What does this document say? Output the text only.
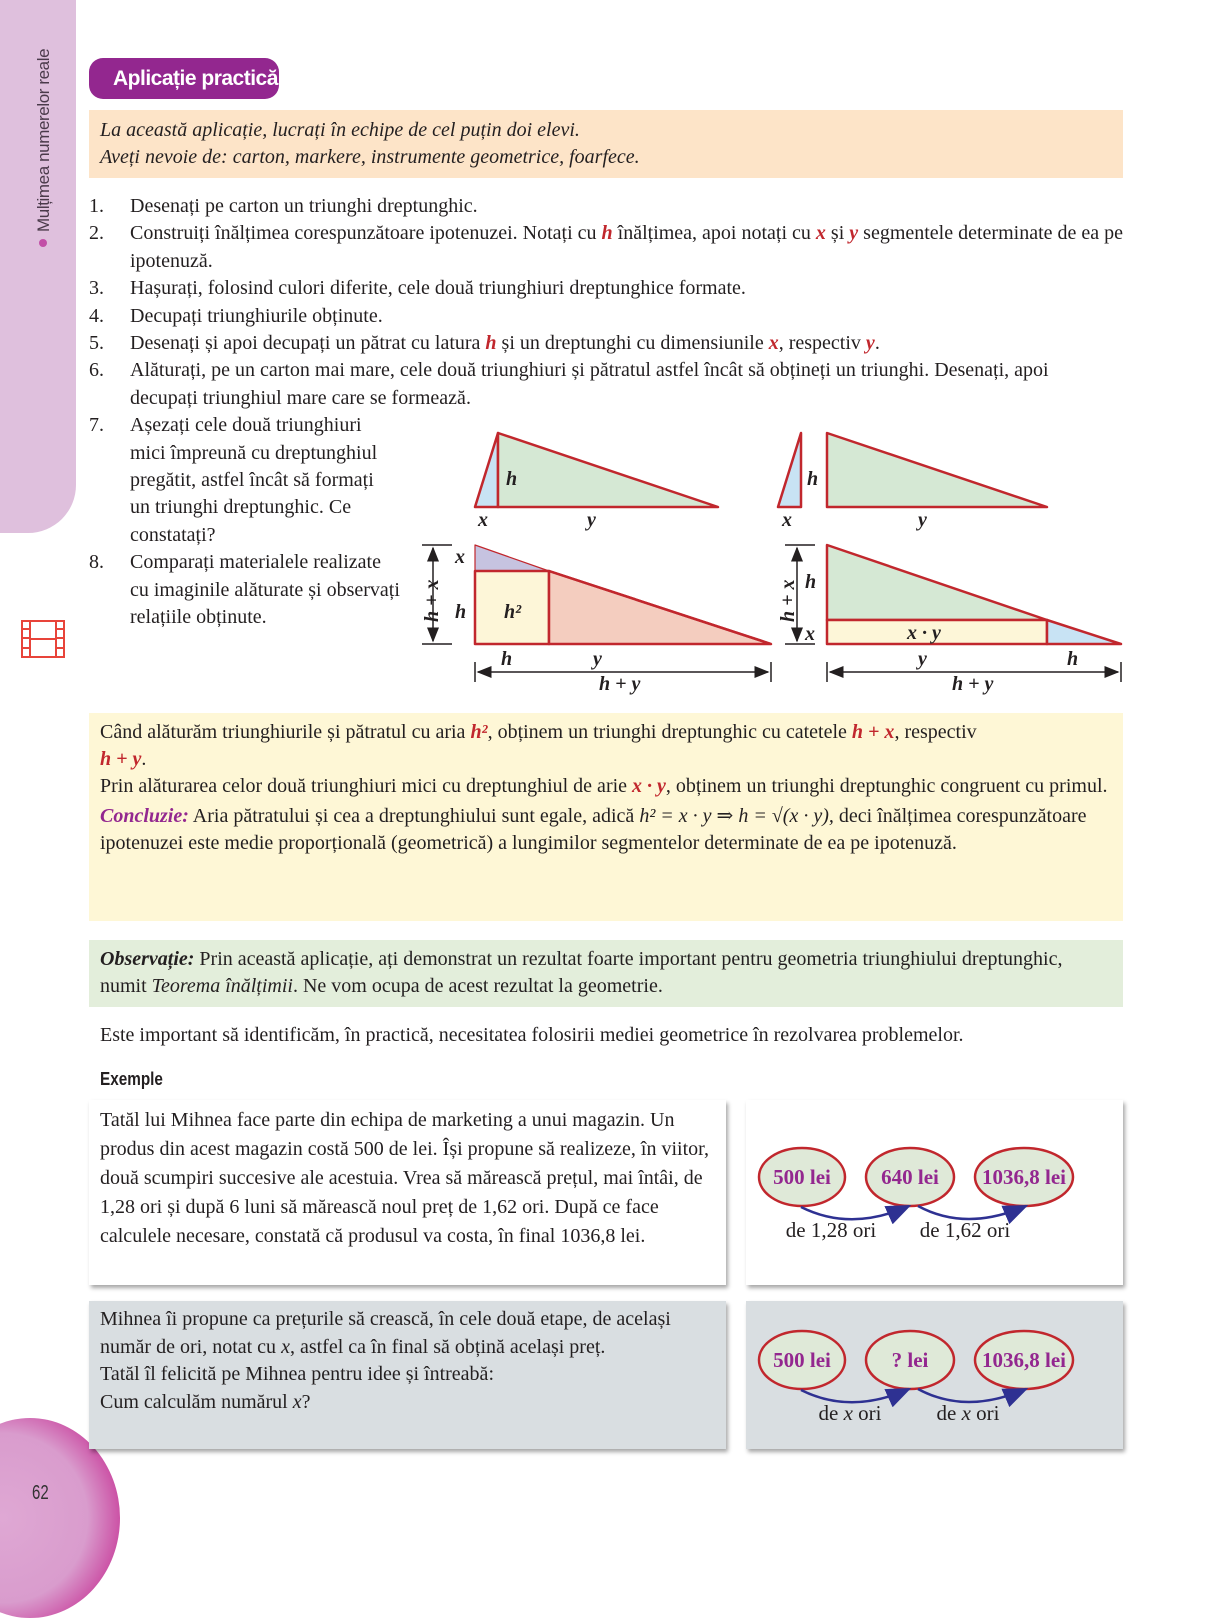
Mulțimea numerelor reale
62
Aplicație practică
La această aplicație, lucrați în echipe de cel puțin doi elevi.
Aveți nevoie de: carton, markere, instrumente geometrice, foarfece.
1.	Desenați pe carton un triunghi dreptunghic.
2.	Construiți înălțimea corespunzătoare ipotenuzei. Notați cu h înălțimea, apoi notați cu x și y segmentele determinate de ea pe ipotenuză.
3.	Hașurați, folosind culori diferite, cele două triunghiuri dreptunghice formate.
4.	Decupați triunghiurile obținute.
5.	Desenați și apoi decupați un pătrat cu latura h și un dreptunghi cu dimensiunile x, respectiv y.
6.	Alăturați, pe un carton mai mare, cele două triunghiuri și pătratul astfel încât să obțineți un triunghi. Desenați, apoi decupați triunghiul mare care se formează.
7.	Așezați cele două triunghiuri mici împreună cu dreptunghiul pregătit, astfel încât să formați un triunghi dreptunghic. Ce constatați?
8.	Comparați materialele realizate cu imaginile alăturate și observați relațiile obținute.
h
x	y
h
x	y
x
h h²
h	y
h + y
h + x	h
x	x · y
y	h
h + y
h + x
Când alăturăm triunghiurile și pătratul cu aria h², obținem un triunghi dreptunghic cu catetele h + x, respectiv
h + y.
Prin alăturarea celor două triunghiuri mici cu dreptunghiul de arie x · y, obținem un triunghi dreptunghic congruent cu primul.
Concluzie: Aria pătratului și cea a dreptunghiului sunt egale, adică h² = x · y ⇒ h = √(x · y), deci înălțimea corespunzătoare ipotenuzei este medie proporțională (geometrică) a lungimilor segmentelor determinate de ea pe ipotenuză.
Observație: Prin această aplicație, ați demonstrat un rezultat foarte important pentru geometria triunghiului dreptunghic, numit Teorema înălțimii. Ne vom ocupa de acest rezultat la geometrie.
Este important să identificăm, în practică, necesitatea folosirii mediei geometrice în rezolvarea problemelor.
Exemple
Tatăl lui Mihnea face parte din echipa de marketing a unui magazin. Un produs din acest magazin costă 500 de lei. Își propune să realizeze, în viitor, două scumpiri succesive ale acestuia. Vrea să mărească prețul, mai întâi, de 1,28 ori și după 6 luni să mărească noul preț de 1,62 ori. După ce face calculele necesare, constată că produsul va costa, în final 1036,8 lei.
500 lei 640 lei 1036,8 lei
de 1,28 ori de 1,62 ori
Mihnea îi propune ca prețurile să crească, în cele două etape, de același număr de ori, notat cu x, astfel ca în final să obțină același preț.
Tatăl îl felicită pe Mihnea pentru idee și întreabă:
Cum calculăm numărul x?
500 lei	? lei	1036,8 lei
de x ori	de x ori
